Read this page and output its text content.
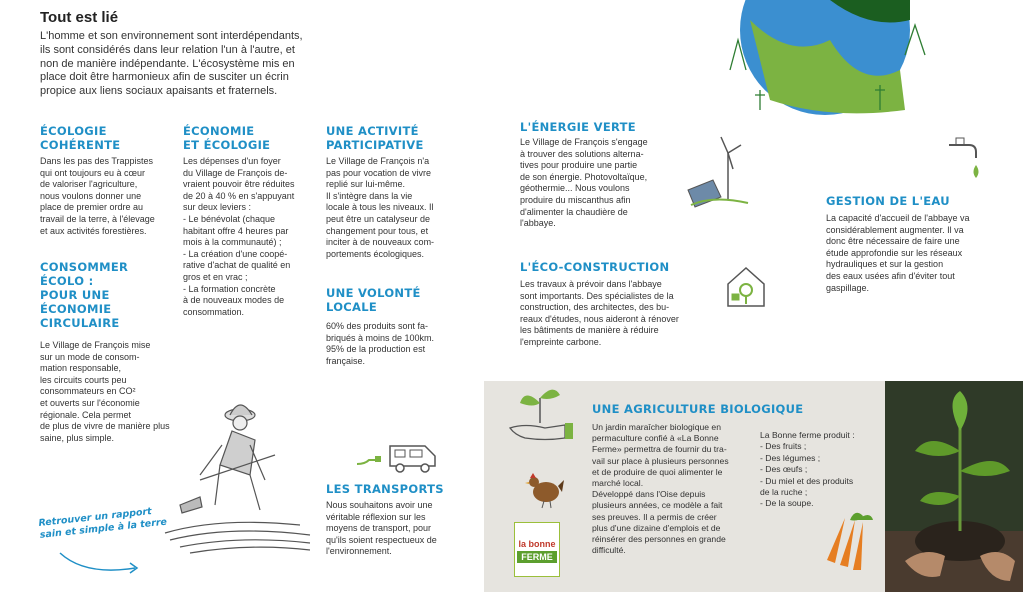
Tout est lié
L'homme et son environnement sont interdépendants,
ils sont considérés dans leur relation l'un à l'autre, et
non de manière indépendante. L'écosystème mis en
place doit être harmonieux afin de susciter un écrin
propice aux liens sociaux apaisants et fraternels.
ÉCOLOGIE
COHÉRENTE
Dans les pas des Trappistes
qui ont toujours eu à cœur
de valoriser l'agriculture,
nous voulons donner une
place de premier ordre au
travail de la terre, à l'élevage
et aux activités forestières.
CONSOMMER
ÉCOLO :
POUR UNE
ÉCONOMIE
CIRCULAIRE
Le Village de François mise
sur un mode de consom-
mation responsable,
les circuits courts peu
consommateurs en CO²
et ouverts sur l'économie
régionale. Cela permet
de plus de vivre de manière plus
saine, plus simple.
ÉCONOMIE
ET ÉCOLOGIE
Les dépenses d'un foyer
du Village de François de-
vraient pouvoir être réduites
de 20 à 40 % en s'appuyant
sur deux leviers :
- Le bénévolat (chaque
habitant offre 4 heures par
mois à la communauté) ;
- La création d'une coopé-
rative d'achat de qualité en
gros et en vrac ;
- La formation concrète
à de nouveaux modes de
consommation.
UNE ACTIVITÉ
PARTICIPATIVE
Le Village de François n'a
pas pour vocation de vivre
replié sur lui-même.
Il s'intègre dans la vie
locale à tous les niveaux. Il
peut être un catalyseur de
changement pour tous, et
inciter à de nouveaux com-
portements écologiques.
UNE VOLONTÉ
LOCALE
60% des produits sont fa-
briqués à moins de 100km.
95% de la production est
française.
LES TRANSPORTS
Nous souhaitons avoir une
véritable réflexion sur les
moyens de transport, pour
qu'ils soient respectueux de
l'environnement.
Retrouver un rapport
sain et simple à la terre
L'ÉNERGIE VERTE
Le Village de François s'engage
à trouver des solutions alterna-
tives pour produire une partie
de son énergie. Photovoltaïque,
géothermie... Nous voulons
produire du miscanthus afin
d'alimenter la chaudière de
l'abbaye.
L'ÉCO-CONSTRUCTION
Les travaux à prévoir dans l'abbaye
sont importants. Des spécialistes de la
construction, des architectes, des bu-
reaux d'études, nous aideront à rénover
les bâtiments de manière à réduire
l'empreinte carbone.
GESTION DE L'EAU
La capacité d'accueil de l'abbaye va
considérablement augmenter. Il va
donc être nécessaire de faire une
étude approfondie sur les réseaux
hydrauliques et sur la gestion
des eaux usées afin d'éviter tout
gaspillage.
la bonne
FERME
UNE AGRICULTURE BIOLOGIQUE
Un jardin maraîcher biologique en
permaculture confié à «La Bonne
Ferme» permettra de fournir du tra-
vail sur place à plusieurs personnes
et de produire de quoi alimenter le
marché local.
Développé dans l'Oise depuis
plusieurs années, ce modèle a fait
ses preuves. Il a permis de créer
plus d'une dizaine d'emplois et de
réinsérer des personnes en grande
difficulté.
La Bonne ferme produit :
- Des fruits ;
- Des légumes ;
- Des œufs ;
- Du miel et des produits
de la ruche ;
- De la soupe.
